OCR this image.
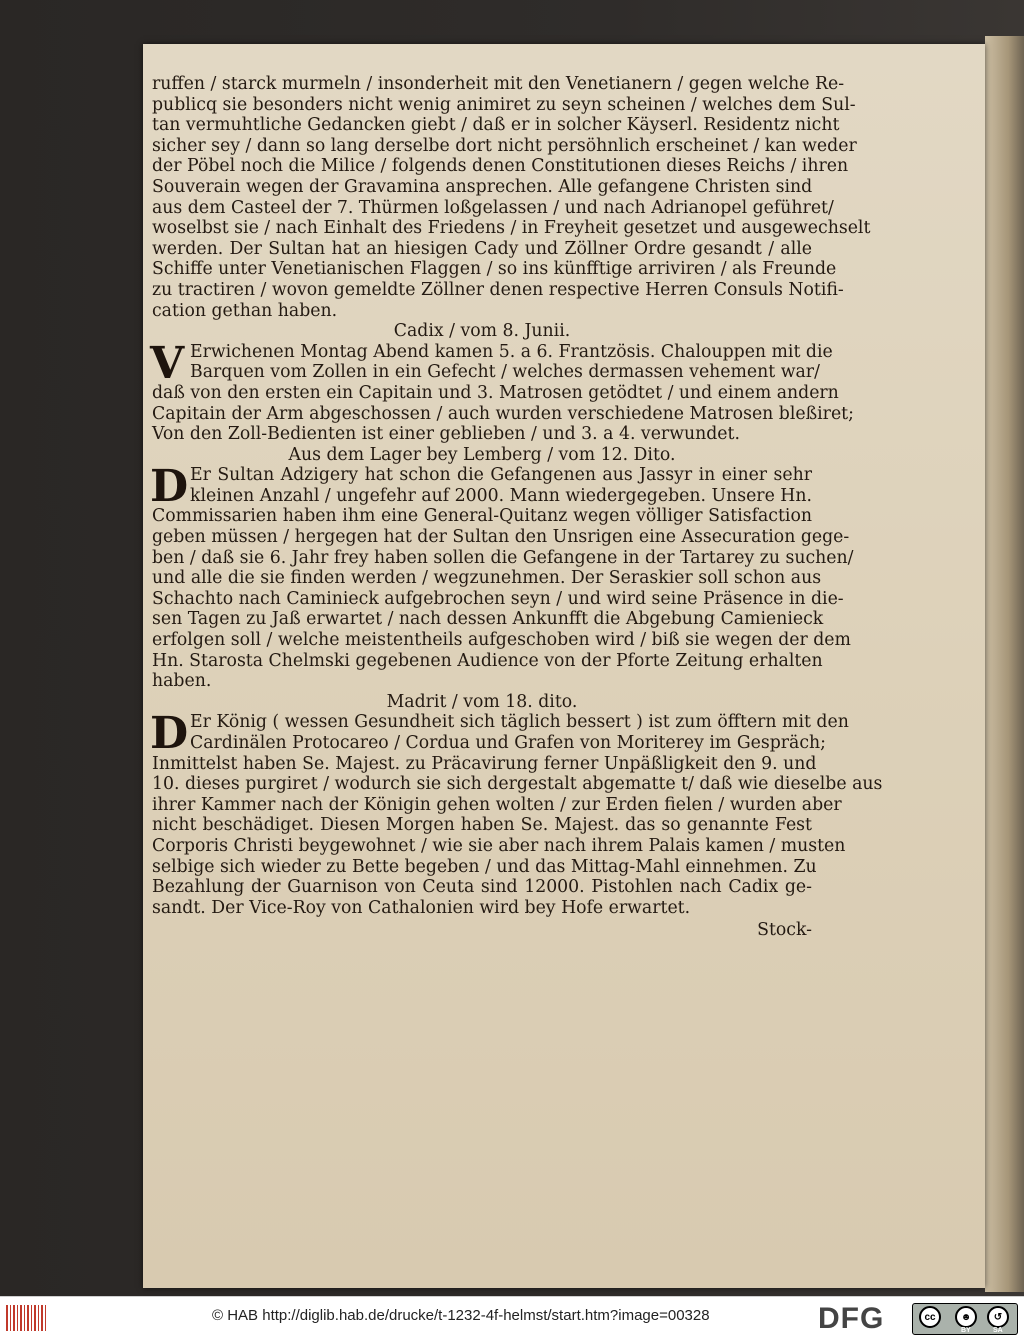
ruffen / starck murmeln / insonderheit mit den Venetianern / gegen welche Re-
publicq sie besonders nicht wenig animiret zu seyn scheinen / welches dem Sul-
tan vermuhtliche Gedancken giebt / daß er in solcher Käyserl. Residentz nicht
sicher sey / dann so lang derselbe dort nicht persöhnlich erscheinet / kan weder
der Pöbel noch die Milice / folgends denen Constitutionen dieses Reichs / ihren
Souverain wegen der Gravamina ansprechen. Alle gefangene Christen sind
aus dem Casteel der 7. Thürmen loßgelassen / und nach Adrianopel geführet/
woselbst sie / nach Einhalt des Friedens / in Freyheit gesetzet und ausgewechselt
werden. Der Sultan hat an hiesigen Cady und Zöllner Ordre gesandt / alle
Schiffe unter Venetianischen Flaggen / so ins künfftige arriviren / als Freunde
zu tractiren / wovon gemeldte Zöllner denen respective Herren Consuls Notifi-
cation gethan haben.
Cadix / vom 8. Junii.
V Erwichenen Montag Abend kamen 5. a 6. Frantzösis. Chalouppen mit die
Barquen vom Zollen in ein Gefecht / welches dermassen vehement war/
daß von den ersten ein Capitain und 3. Matrosen getödtet / und einem andern
Capitain der Arm abgeschossen / auch wurden verschiedene Matrosen bleßiret;
Von den Zoll-Bedienten ist einer geblieben / und 3. a 4. verwundet.
Aus dem Lager bey Lemberg / vom 12. Dito.
D Er Sultan Adzigery hat schon die Gefangenen aus Jassyr in einer sehr
kleinen Anzahl / ungefehr auf 2000. Mann wiedergegeben. Unsere Hn.
Commissarien haben ihm eine General-Quitanz wegen völliger Satisfaction
geben müssen / hergegen hat der Sultan den Unsrigen eine Assecuration gege-
ben / daß sie 6. Jahr frey haben sollen die Gefangene in der Tartarey zu suchen/
und alle die sie finden werden / wegzunehmen. Der Seraskier soll schon aus
Schachto nach Caminieck aufgebrochen seyn / und wird seine Präsence in die-
sen Tagen zu Jaß erwartet / nach dessen Ankunfft die Abgebung Camienieck
erfolgen soll / welche meistentheils aufgeschoben wird / biß sie wegen der dem
Hn. Starosta Chelmski gegebenen Audience von der Pforte Zeitung erhalten
haben.
Madrit / vom 18. dito.
D Er König ( wessen Gesundheit sich täglich bessert ) ist zum öfftern mit den
Cardinälen Protocareo / Cordua und Grafen von Moriterey im Gespräch;
Inmittelst haben Se. Majest. zu Präcavirung ferner Unpäßligkeit den 9. und
10. dieses purgiret / wodurch sie sich dergestalt abgematte t/ daß wie dieselbe aus
ihrer Kammer nach der Königin gehen wolten / zur Erden fielen / wurden aber
nicht beschädiget. Diesen Morgen haben Se. Majest. das so genannte Fest
Corporis Christi beygewohnet / wie sie aber nach ihrem Palais kamen / musten
selbige sich wieder zu Bette begeben / und das Mittag-Mahl einnehmen. Zu
Bezahlung der Guarnison von Ceuta sind 12000. Pistohlen nach Cadix ge-
sandt. Der Vice-Roy von Cathalonien wird bey Hofe erwartet.
Stock-
© HAB http://diglib.hab.de/drucke/t-1232-4f-helmst/start.htm?image=00328	DFG	cc	☻	↺
BY	SA
